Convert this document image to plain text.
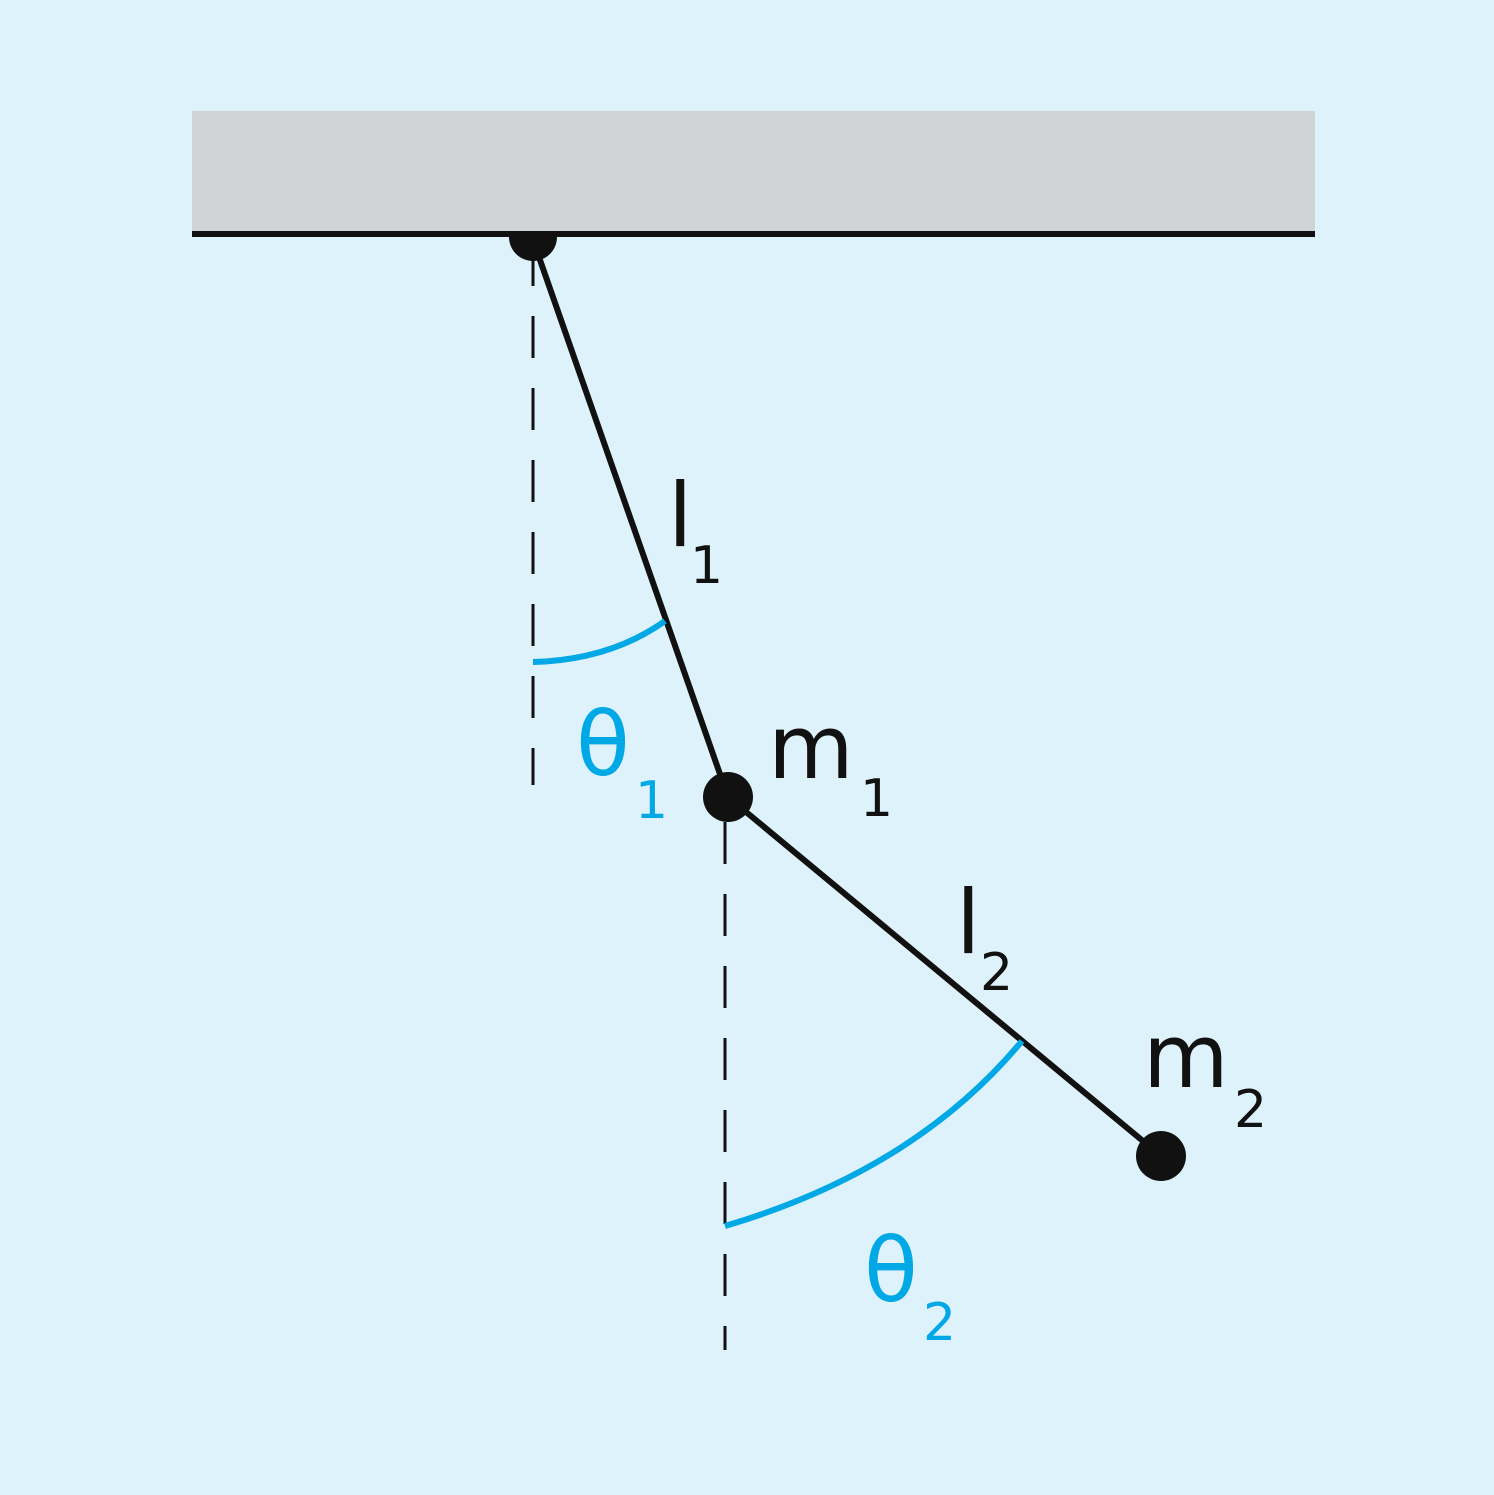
l
1
l 2
m 1
m
2
θ
1
θ
2
